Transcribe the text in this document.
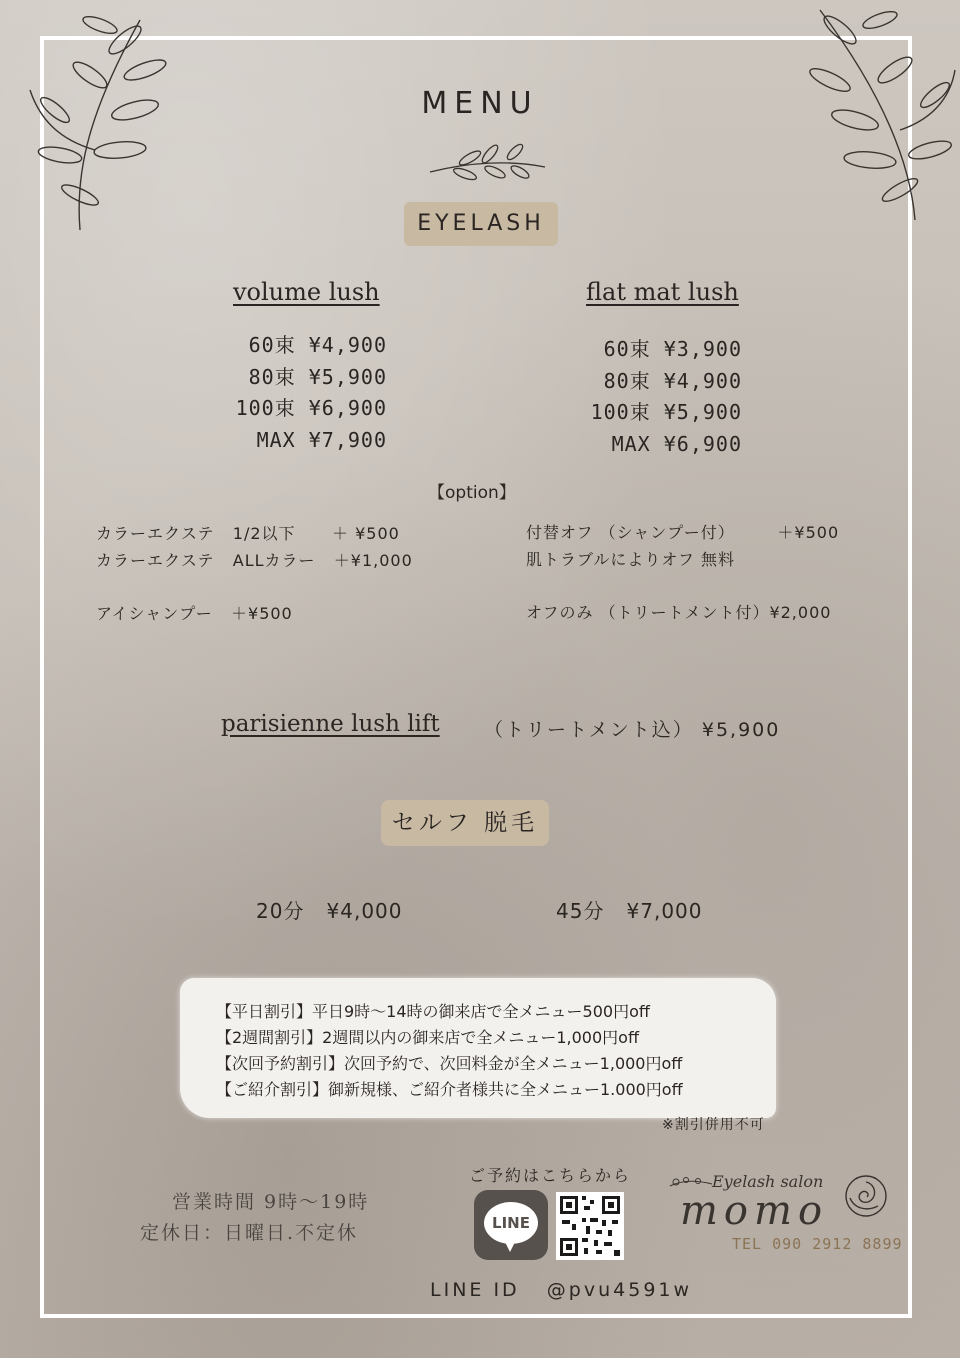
MENU
EYELASH
volume lush
60束 ¥4,900
80束 ¥5,900
100束 ¥6,900
MAX ¥7,900
flat mat lush
60束 ¥3,900
80束 ¥4,900
100束 ¥5,900
MAX ¥6,900
【option】
カラーエクステ   1/2以下      ＋ ¥500
カラーエクステ   ALLカラー   ＋¥1,000
アイシャンプー   ＋¥500
付替オフ （シャンプー付）       ＋¥500
肌トラブルによりオフ 無料
オフのみ （トリートメント付）¥2,000
parisienne lush lift （トリートメント込） ¥5,900
セルフ 脱毛
20分   ¥4,000	45分   ¥7,000
【平日割引】平日9時〜14時の御来店で全メニュー500円off
【2週間割引】2週間以内の御来店で全メニュー1,000円off
【次回予約割引】次回予約で、次回料金が全メニュー1,000円off
【ご紹介割引】御新規様、ご紹介者様共に全メニュー1.000円off
※割引併用不可
営業時間 9時〜19時
定休日：日曜日.不定休
ご予約はこちらから
LINE
LINE ID   @pvu4591w
Eyelash salon
momo
TEL 090 2912 8899
